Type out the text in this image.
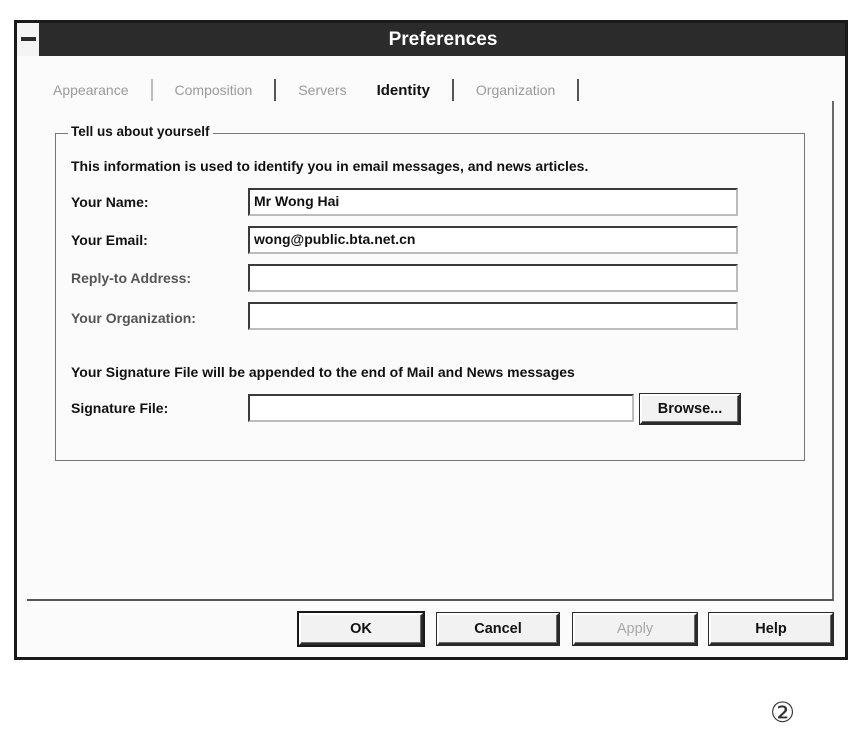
Preferences
Appearance	Composition	Servers	Identity	Organization
Tell us about yourself
This information is used to identify you in email messages, and news articles.
Your Name:	Mr Wong Hai
Your Email:	wong@public.bta.net.cn
Reply-to Address:
Your Organization:
Your Signature File will be appended to the end of Mail and News messages
Signature File:	Browse...
OK	Cancel	Apply	Help
②
